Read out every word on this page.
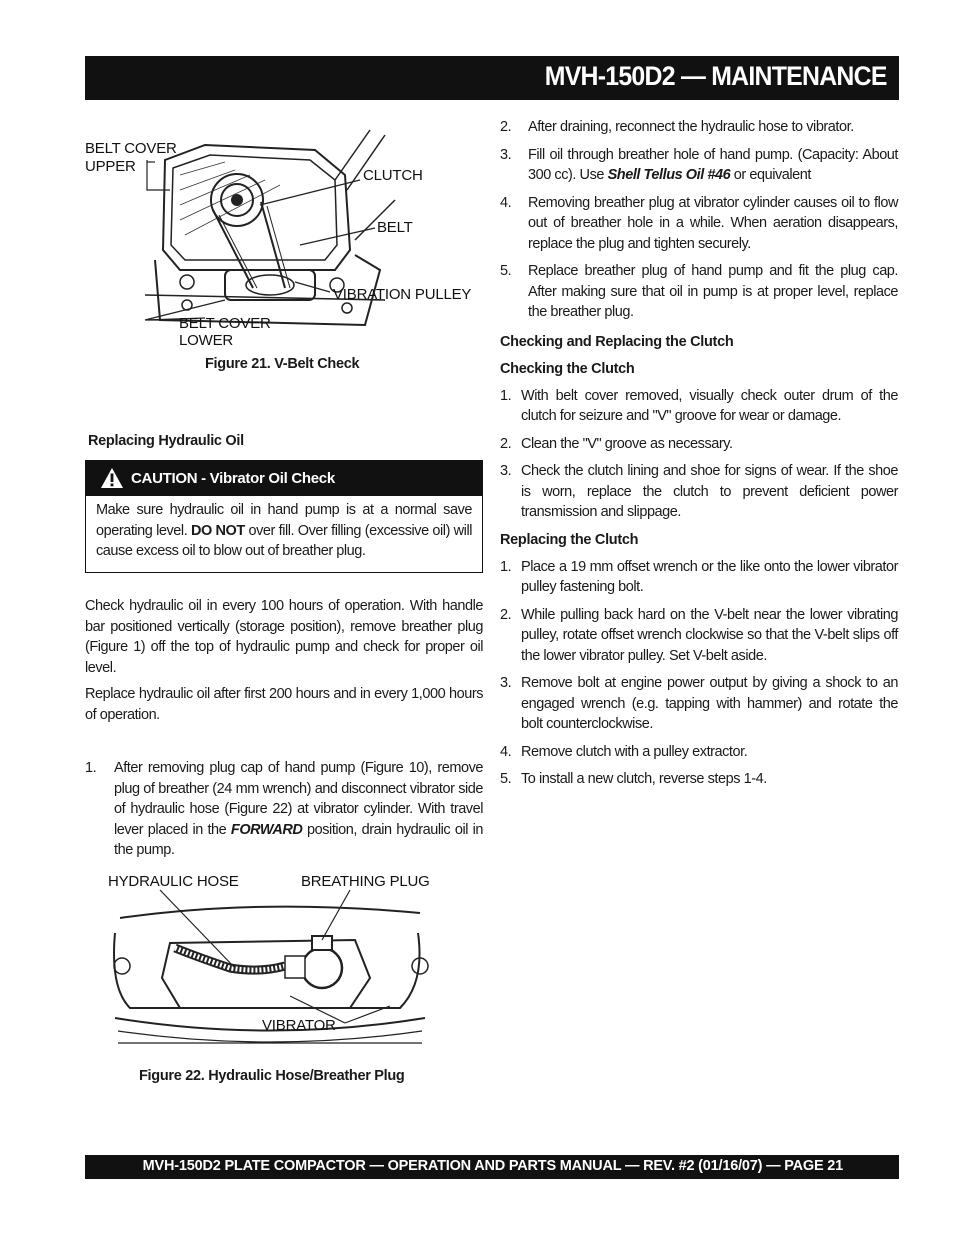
MVH-150D2 — MAINTENANCE
BELT COVER
UPPER
CLUTCH
BELT
VIBRATION PULLEY
BELT COVER
LOWER
Figure 21. V-Belt Check
Replacing Hydraulic Oil
CAUTION - Vibrator Oil Check
Make sure hydraulic oil in hand pump is at a normal save operating level. DO NOT over fill. Over filling (excessive oil) will cause excess oil to blow out of breather plug.
Check hydraulic oil in every 100 hours of operation. With handle bar positioned vertically (storage position), remove breather plug (Figure 1) off the top of hydraulic pump and check for proper oil level.
Replace hydraulic oil after first 200 hours and in every 1,000 hours of operation.
1.	After removing plug cap of hand pump (Figure 10), remove plug of breather (24 mm wrench) and disconnect vibrator side of hydraulic hose (Figure 22) at vibrator cylinder. With travel lever placed in the FORWARD position, drain hydraulic oil in the pump.
HYDRAULIC HOSE	BREATHING PLUG
VIBRATOR
Figure 22. Hydraulic Hose/Breather Plug
2.	After draining, reconnect the hydraulic hose to vibrator.
3.	Fill oil through breather hole of hand pump. (Capacity: About 300 cc). Use Shell Tellus Oil #46 or equivalent
4.	Removing breather plug at vibrator cylinder causes oil to flow out of breather hole in a while. When aeration disappears, replace the plug and tighten securely.
5.	Replace breather plug of hand pump and fit the plug cap. After making sure that oil in pump is at proper level, replace the breather plug.
Checking and Replacing the Clutch
Checking the Clutch
1. With belt cover removed, visually check outer drum of the clutch for seizure and "V" groove for wear or damage.
2. Clean the "V" groove as necessary.
3. Check the clutch lining and shoe for signs of wear. If the shoe is worn, replace the clutch to prevent deficient power transmission and slippage.
Replacing the Clutch
1. Place a 19 mm offset wrench or the like onto the lower vibrator pulley fastening bolt.
2. While pulling back hard on the V-belt near the lower vibrating pulley, rotate offset wrench clockwise so that the V-belt slips off the lower vibrator pulley. Set V-belt aside.
3. Remove bolt at engine power output by giving a shock to an engaged wrench (e.g. tapping with hammer) and rotate the bolt counterclockwise.
4. Remove clutch with a pulley extractor.
5. To install a new clutch, reverse steps 1-4.
MVH-150D2 PLATE COMPACTOR — OPERATION AND PARTS MANUAL — REV. #2 (01/16/07) — PAGE 21
